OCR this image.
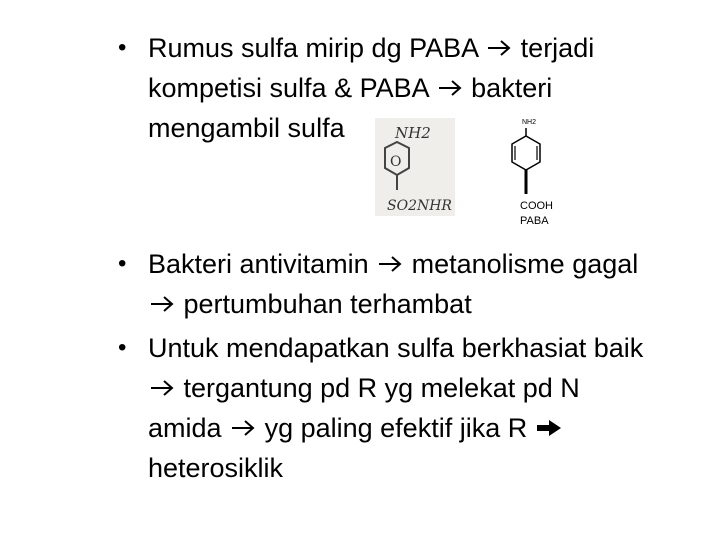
• Rumus sulfa mirip dg PABA terjadi
kompetisi sulfa & PABA bakteri
mengambil sulfa	NH2
O
SO2NHR
NH2
COOH
PABA
• Bakteri antivitamin metanolisme gagal
pertumbuhan terhambat
• Untuk mendapatkan sulfa berkhasiat baik
tergantung pd R yg melekat pd N
amida yg paling efektif jika R
heterosiklik
